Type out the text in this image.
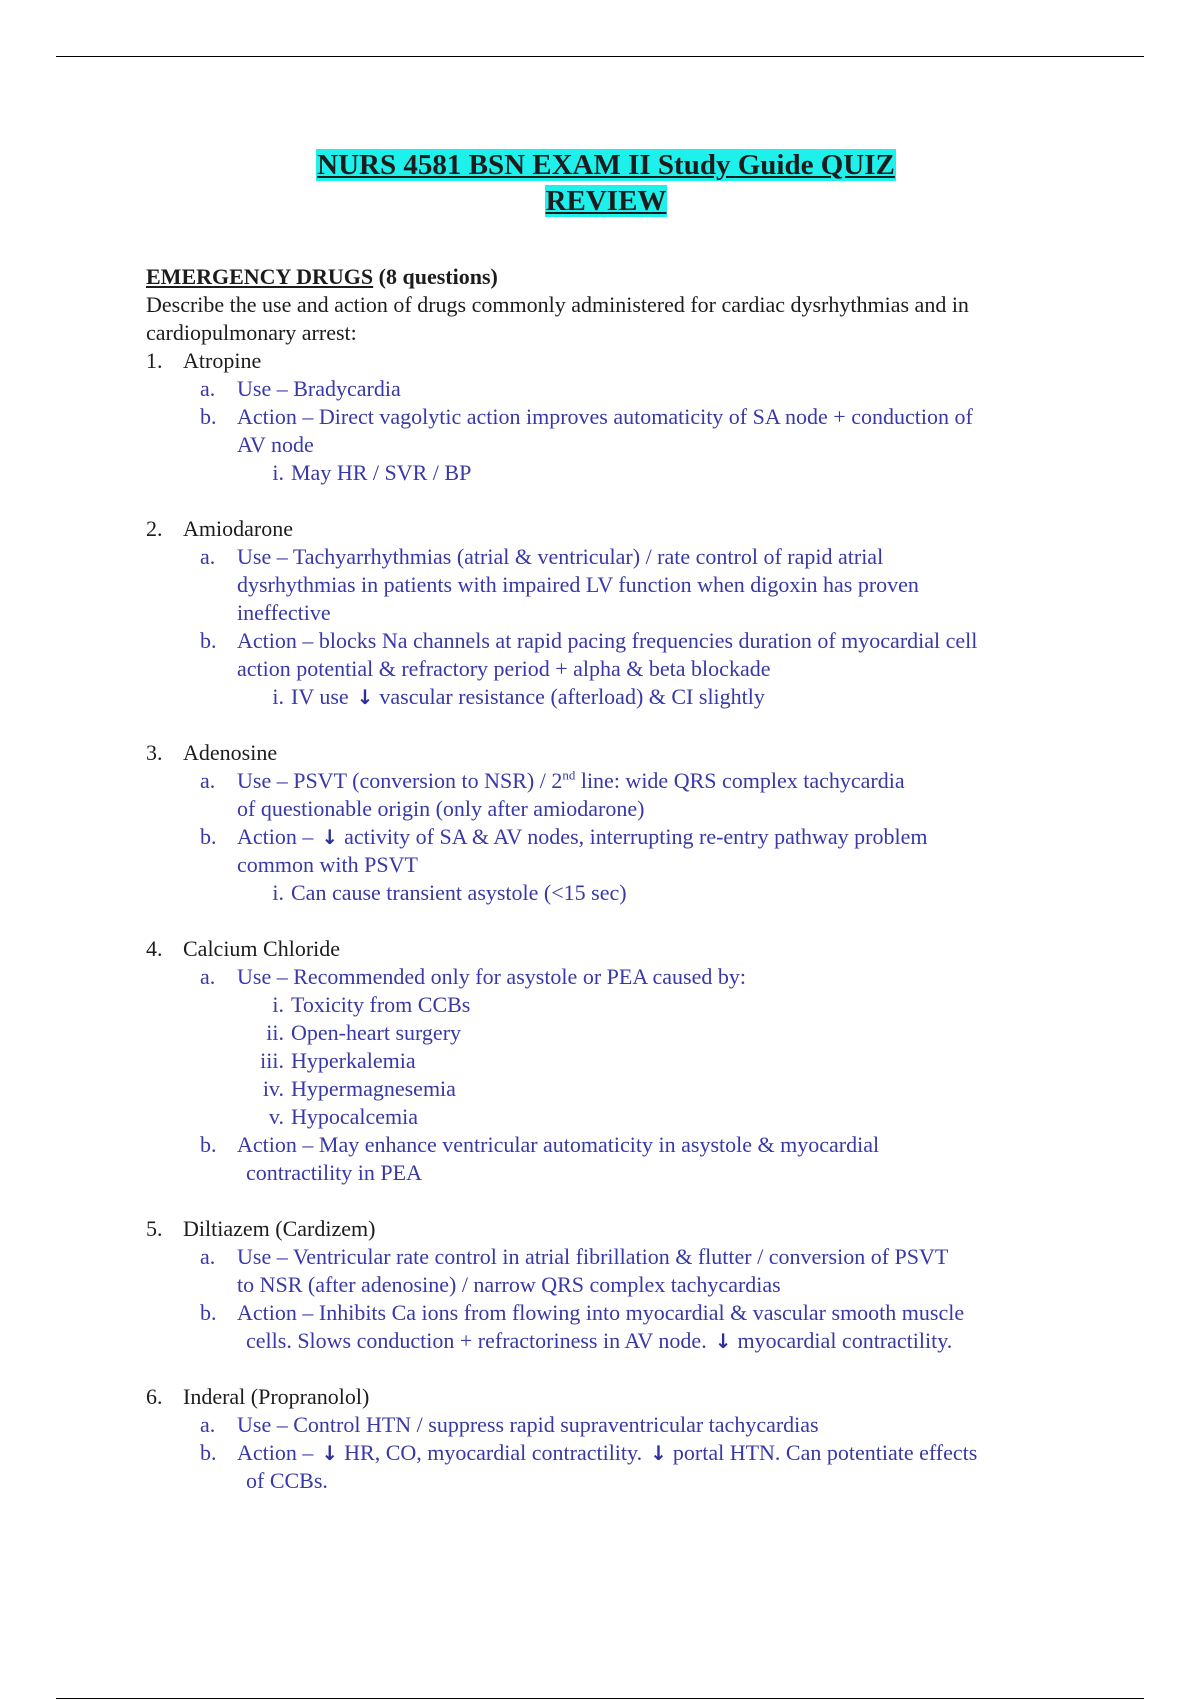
NURS 4581 BSN EXAM II Study Guide QUIZ
REVIEW
EMERGENCY DRUGS (8 questions)
Describe the use and action of drugs commonly administered for cardiac dysrhythmias and in cardiopulmonary arrest:
1. Atropine
a. Use – Bradycardia
b. Action – Direct vagolytic action improves automaticity of SA node + conduction of
AV node
i. May HR / SVR / BP
2. Amiodarone
a. Use – Tachyarrhythmias (atrial & ventricular) / rate control of rapid atrial
dysrhythmias in patients with impaired LV function when digoxin has proven
ineffective
b. Action – blocks Na channels at rapid pacing frequencies duration of myocardial cell
action potential & refractory period + alpha & beta blockade
i. IV use ↓ vascular resistance (afterload) & CI slightly
3. Adenosine
a. Use – PSVT (conversion to NSR) / 2nd line: wide QRS complex tachycardia
of questionable origin (only after amiodarone)
b. Action – ↓ activity of SA & AV nodes, interrupting re-entry pathway problem
common with PSVT
i. Can cause transient asystole (<15 sec)
4. Calcium Chloride
a. Use – Recommended only for asystole or PEA caused by:
i. Toxicity from CCBs
ii. Open-heart surgery
iii. Hyperkalemia
iv. Hypermagnesemia
v. Hypocalcemia
b. Action – May enhance ventricular automaticity in asystole & myocardial
contractility in PEA
5. Diltiazem (Cardizem)
a. Use – Ventricular rate control in atrial fibrillation & flutter / conversion of PSVT
to NSR (after adenosine) / narrow QRS complex tachycardias
b. Action – Inhibits Ca ions from flowing into myocardial & vascular smooth muscle
cells. Slows conduction + refractoriness in AV node. ↓ myocardial contractility.
6. Inderal (Propranolol)
a. Use – Control HTN / suppress rapid supraventricular tachycardias
b. Action – ↓ HR, CO, myocardial contractility. ↓ portal HTN. Can potentiate effects
of CCBs.
